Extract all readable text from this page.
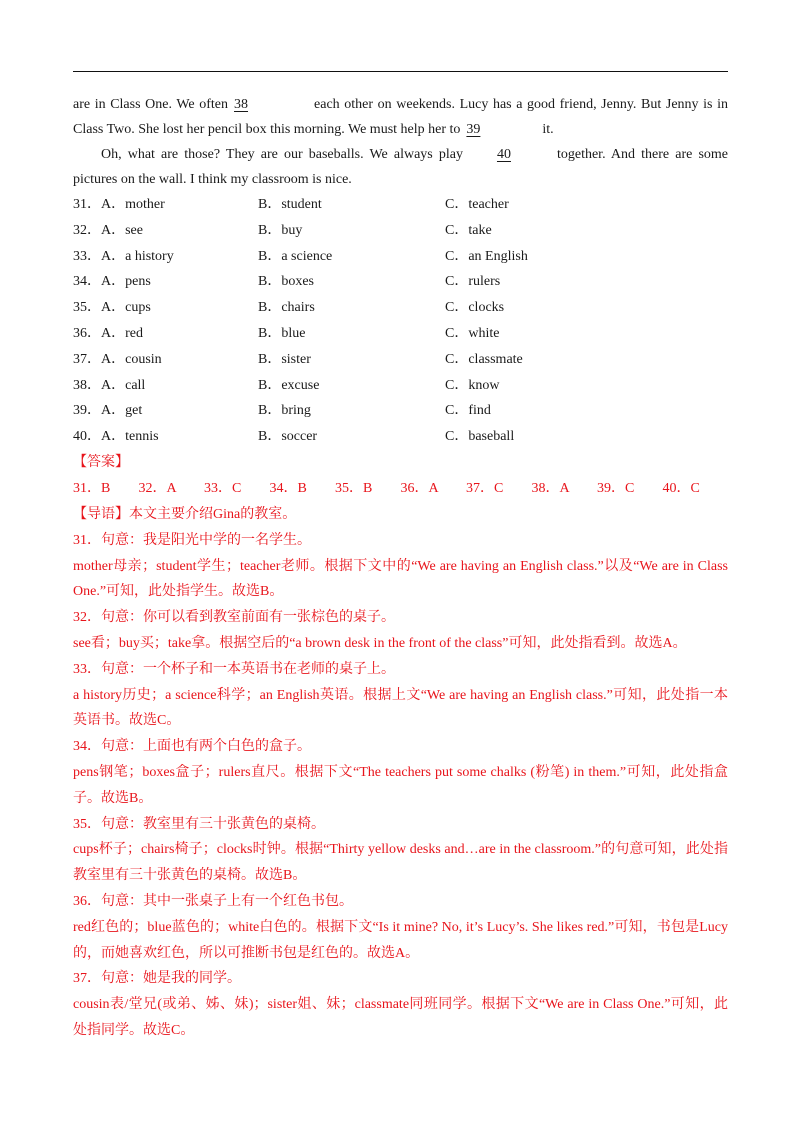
are in Class One. We often 38	each other on weekends. Lucy has a good friend, Jenny. But Jenny is in Class Two. She lost her pencil box this morning. We must help her to 39	it.

Oh, what are those? They are our baseballs. We always play 40	together. And there are some pictures on the wall. I think my classroom is nice.

31．A．mother	B．student	C．teacher
32．A．see	B．buy	C．take
33．A．a history	B．a science	C．an English
34．A．pens	B．boxes	C．rulers
35．A．cups	B．chairs	C．clocks
36．A．red	B．blue	C．white
37．A．cousin	B．sister	C．classmate
38．A．call	B．excuse	C．know
39．A．get	B．bring	C．find
40．A．tennis	B．soccer	C．baseball
【答案】
31．B	32．A	33．C	34．B	35．B	36．A	37．C	38．A	39．C	40．C

【导语】本文主要介绍Gina的教室。

31．句意：我是阳光中学的一名学生。

mother母亲；student学生；teacher老师。根据下文中的“We are having an English class.”以及“We are in Class One.”可知，此处指学生。故选B。

32．句意：你可以看到教室前面有一张棕色的桌子。

see看；buy买；take拿。根据空后的“a brown desk in the front of the class”可知，此处指看到。故选A。

33．句意：一个杯子和一本英语书在老师的桌子上。

a history历史；a science科学；an English英语。根据上文“We are having an English class.”可知，此处指一本英语书。故选C。

34．句意：上面也有两个白色的盒子。

pens钢笔；boxes盒子；rulers直尺。根据下文“The teachers put some chalks (粉笔) in them.”可知，此处指盒子。故选B。

35．句意：教室里有三十张黄色的桌椅。

cups杯子；chairs椅子；clocks时钟。根据“Thirty yellow desks and…are in the classroom.”的句意可知，此处指教室里有三十张黄色的桌椅。故选B。

36．句意：其中一张桌子上有一个红色书包。

red红色的；blue蓝色的；white白色的。根据下文“Is it mine? No, it’s Lucy’s. She likes red.”可知，书包是Lucy的，而她喜欢红色，所以可推断书包是红色的。故选A。

37．句意：她是我的同学。

cousin表/堂兄(或弟、姊、妹)；sister姐、妹；classmate同班同学。根据下文“We are in Class One.”可知，此处指同学。故选C。
